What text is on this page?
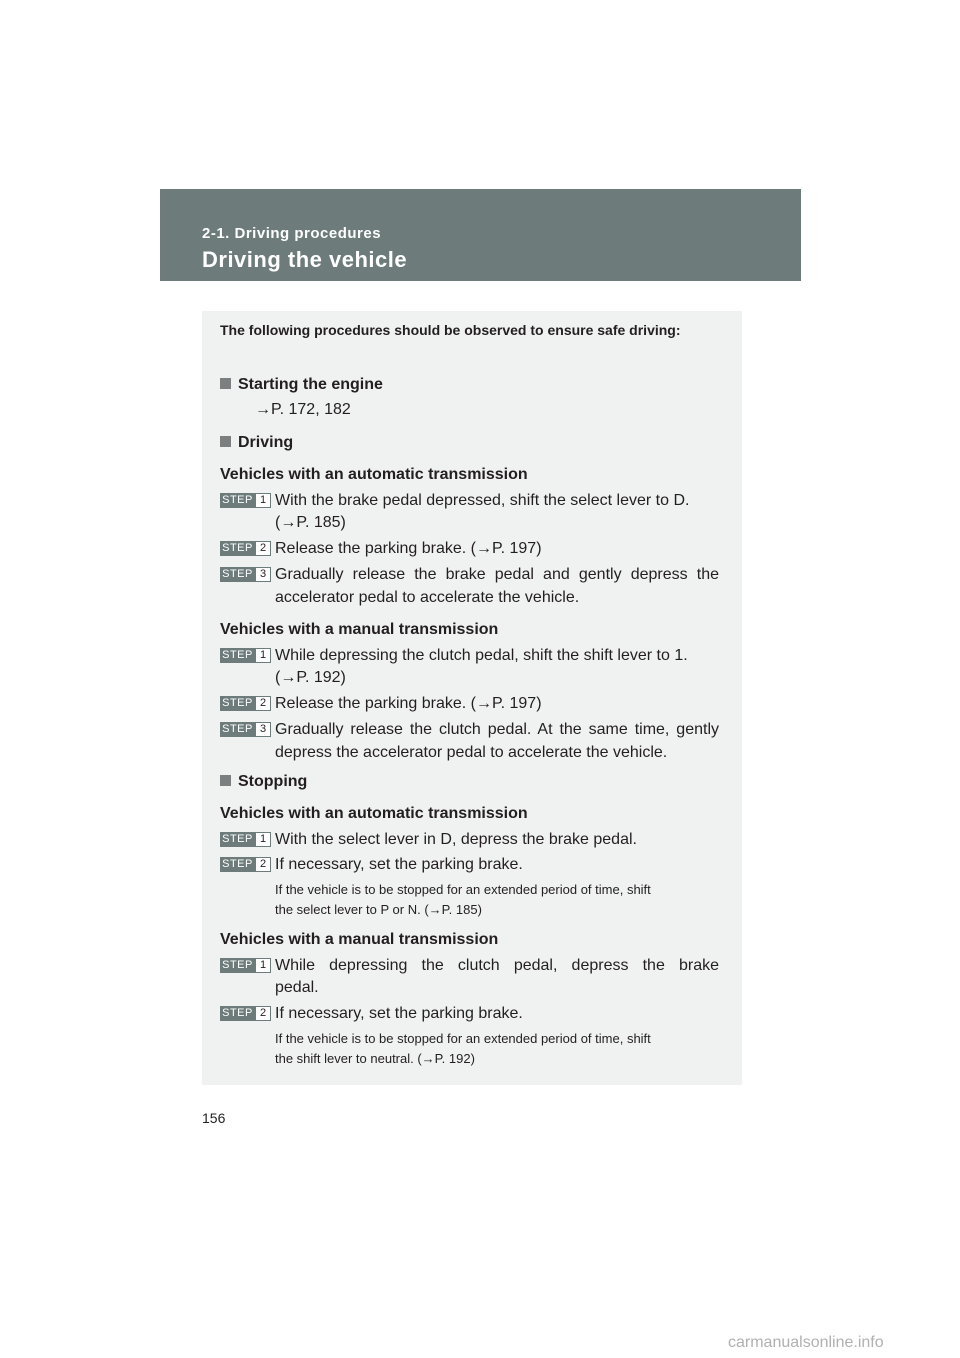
2-1. Driving procedures
Driving the vehicle
The following procedures should be observed to ensure safe driving:
Starting the engine
→P. 172, 182
Driving
Vehicles with an automatic transmission
STEP 1 With the brake pedal depressed, shift the select lever to D.
(→P. 185)
STEP 2 Release the parking brake. (→P. 197)
STEP 3 Gradually release the brake pedal and gently depress the
accelerator pedal to accelerate the vehicle.
Vehicles with a manual transmission
STEP 1 While depressing the clutch pedal, shift the shift lever to 1.
(→P. 192)
STEP 2 Release the parking brake. (→P. 197)
STEP 3 Gradually release the clutch pedal. At the same time, gently
depress the accelerator pedal to accelerate the vehicle.
Stopping
Vehicles with an automatic transmission
STEP 1 With the select lever in D, depress the brake pedal.
STEP 2 If necessary, set the parking brake.
If the vehicle is to be stopped for an extended period of time, shift
the select lever to P or N. (→P. 185)
Vehicles with a manual transmission
STEP 1 While depressing the clutch pedal, depress the brake
pedal.
STEP 2 If necessary, set the parking brake.
If the vehicle is to be stopped for an extended period of time, shift
the shift lever to neutral. (→P. 192)
156
carmanualsonline.info
